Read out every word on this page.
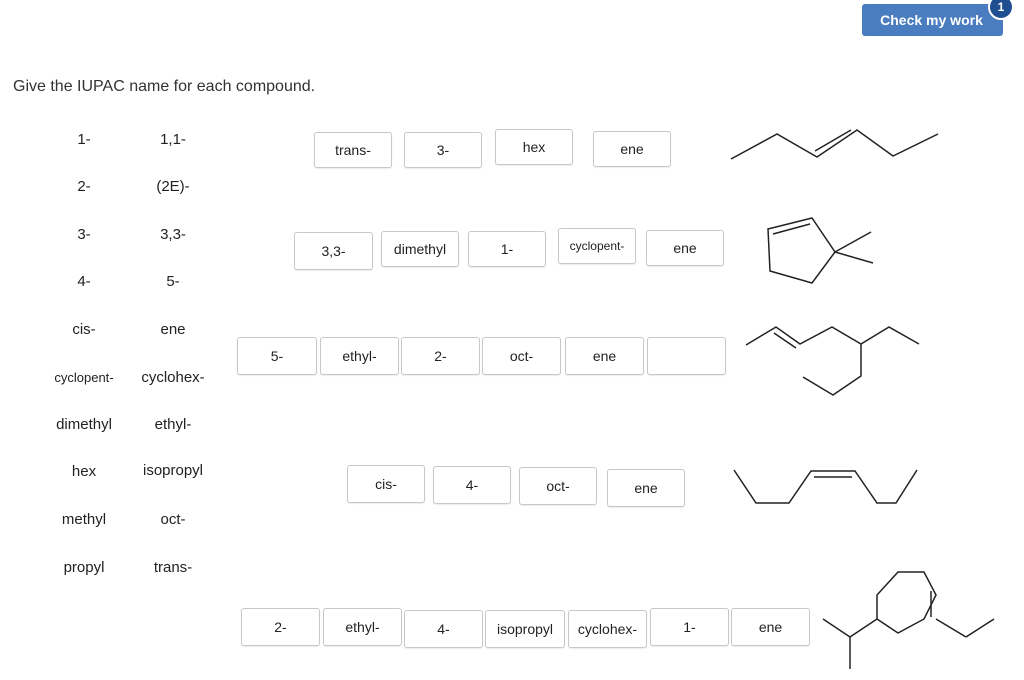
Check my work
1
Give the IUPAC name for each compound.
1-
2-
3-
4-
cis-
cyclopent-
dimethyl
hex
methyl
propyl
1,1-
(2E)-
3,3-
5-
ene
cyclohex-
ethyl-
isopropyl
oct-
trans-
trans-	3-	hex	ene
3,3-	dimethyl	1-	cyclopent-	ene
5-	ethyl-	2-	oct-	ene
cis-	4-	oct-	ene
2-	ethyl-	4-	isopropyl	cyclohex-	1-	ene
